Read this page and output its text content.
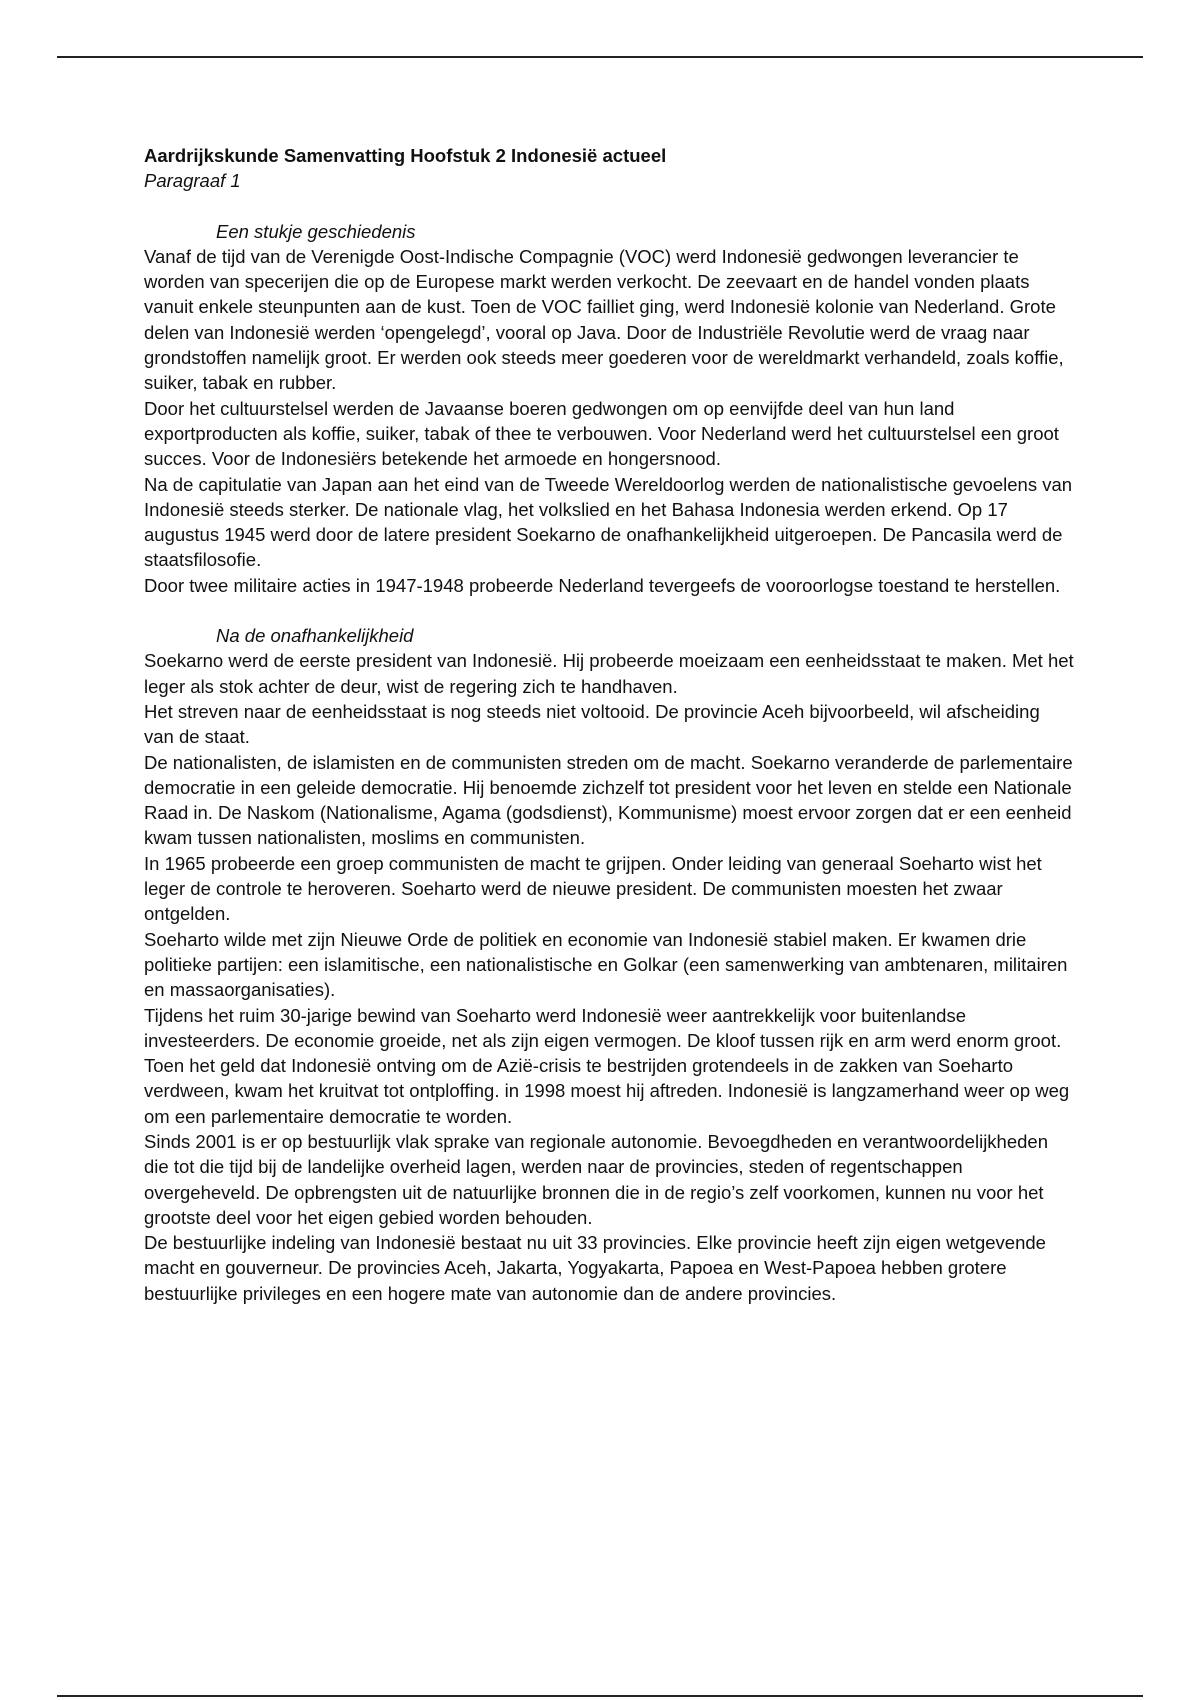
Aardrijkskunde Samenvatting Hoofstuk 2 Indonesië actueel

Paragraaf 1

Een stukje geschiedenis

Vanaf de tijd van de Verenigde Oost-Indische Compagnie (VOC) werd Indonesië gedwongen leverancier te worden van specerijen die op de Europese markt werden verkocht. De zeevaart en de handel vonden plaats vanuit enkele steunpunten aan de kust. Toen de VOC failliet ging, werd Indonesië kolonie van Nederland. Grote delen van Indonesië werden ‘opengelegd’, vooral op Java. Door de Industriële Revolutie werd de vraag naar grondstoffen namelijk groot. Er werden ook steeds meer goederen voor de wereldmarkt verhandeld, zoals koffie, suiker, tabak en rubber.

Door het cultuurstelsel werden de Javaanse boeren gedwongen om op eenvijfde deel van hun land exportproducten als koffie, suiker, tabak of thee te verbouwen. Voor Nederland werd het cultuurstelsel een groot succes. Voor de Indonesiërs betekende het armoede en hongersnood.

Na de capitulatie van Japan aan het eind van de Tweede Wereldoorlog werden de nationalistische gevoelens van Indonesië steeds sterker. De nationale vlag, het volkslied en het Bahasa Indonesia werden erkend. Op 17 augustus 1945 werd door de latere president Soekarno de onafhankelijkheid uitgeroepen. De Pancasila werd de staatsfilosofie.

Door twee militaire acties in 1947-1948 probeerde Nederland tevergeefs de vooroorlogse toestand te herstellen.

Na de onafhankelijkheid

Soekarno werd de eerste president van Indonesië. Hij probeerde moeizaam een eenheidsstaat te maken. Met het leger als stok achter de deur, wist de regering zich te handhaven.

Het streven naar de eenheidsstaat is nog steeds niet voltooid. De provincie Aceh bijvoorbeeld, wil afscheiding van de staat.

De nationalisten, de islamisten en de communisten streden om de macht. Soekarno veranderde de parlementaire democratie in een geleide democratie. Hij benoemde zichzelf tot president voor het leven en stelde een Nationale Raad in. De Naskom (Nationalisme, Agama (godsdienst), Kommunisme) moest ervoor zorgen dat er een eenheid kwam tussen nationalisten, moslims en communisten.

In 1965 probeerde een groep communisten de macht te grijpen. Onder leiding van generaal Soeharto wist het leger de controle te heroveren. Soeharto werd de nieuwe president. De communisten moesten het zwaar ontgelden.

Soeharto wilde met zijn Nieuwe Orde de politiek en economie van Indonesië stabiel maken. Er kwamen drie politieke partijen: een islamitische, een nationalistische en Golkar (een samenwerking van ambtenaren, militairen en massaorganisaties).

Tijdens het ruim 30-jarige bewind van Soeharto werd Indonesië weer aantrekkelijk voor buitenlandse investeerders. De economie groeide, net als zijn eigen vermogen. De kloof tussen rijk en arm werd enorm groot.

Toen het geld dat Indonesië ontving om de Azië-crisis te bestrijden grotendeels in de zakken van Soeharto verdween, kwam het kruitvat tot ontploffing. in 1998 moest hij aftreden. Indonesië is langzamerhand weer op weg om een parlementaire democratie te worden.

Sinds 2001 is er op bestuurlijk vlak sprake van regionale autonomie. Bevoegdheden en verantwoordelijkheden die tot die tijd bij de landelijke overheid lagen, werden naar de provincies, steden of regentschappen overgeheveld. De opbrengsten uit de natuurlijke bronnen die in de regio’s zelf voorkomen, kunnen nu voor het grootste deel voor het eigen gebied worden behouden.

De bestuurlijke indeling van Indonesië bestaat nu uit 33 provincies. Elke provincie heeft zijn eigen wetgevende macht en gouverneur. De provincies Aceh, Jakarta, Yogyakarta, Papoea en West-Papoea hebben grotere bestuurlijke privileges en een hogere mate van autonomie dan de andere provincies.
